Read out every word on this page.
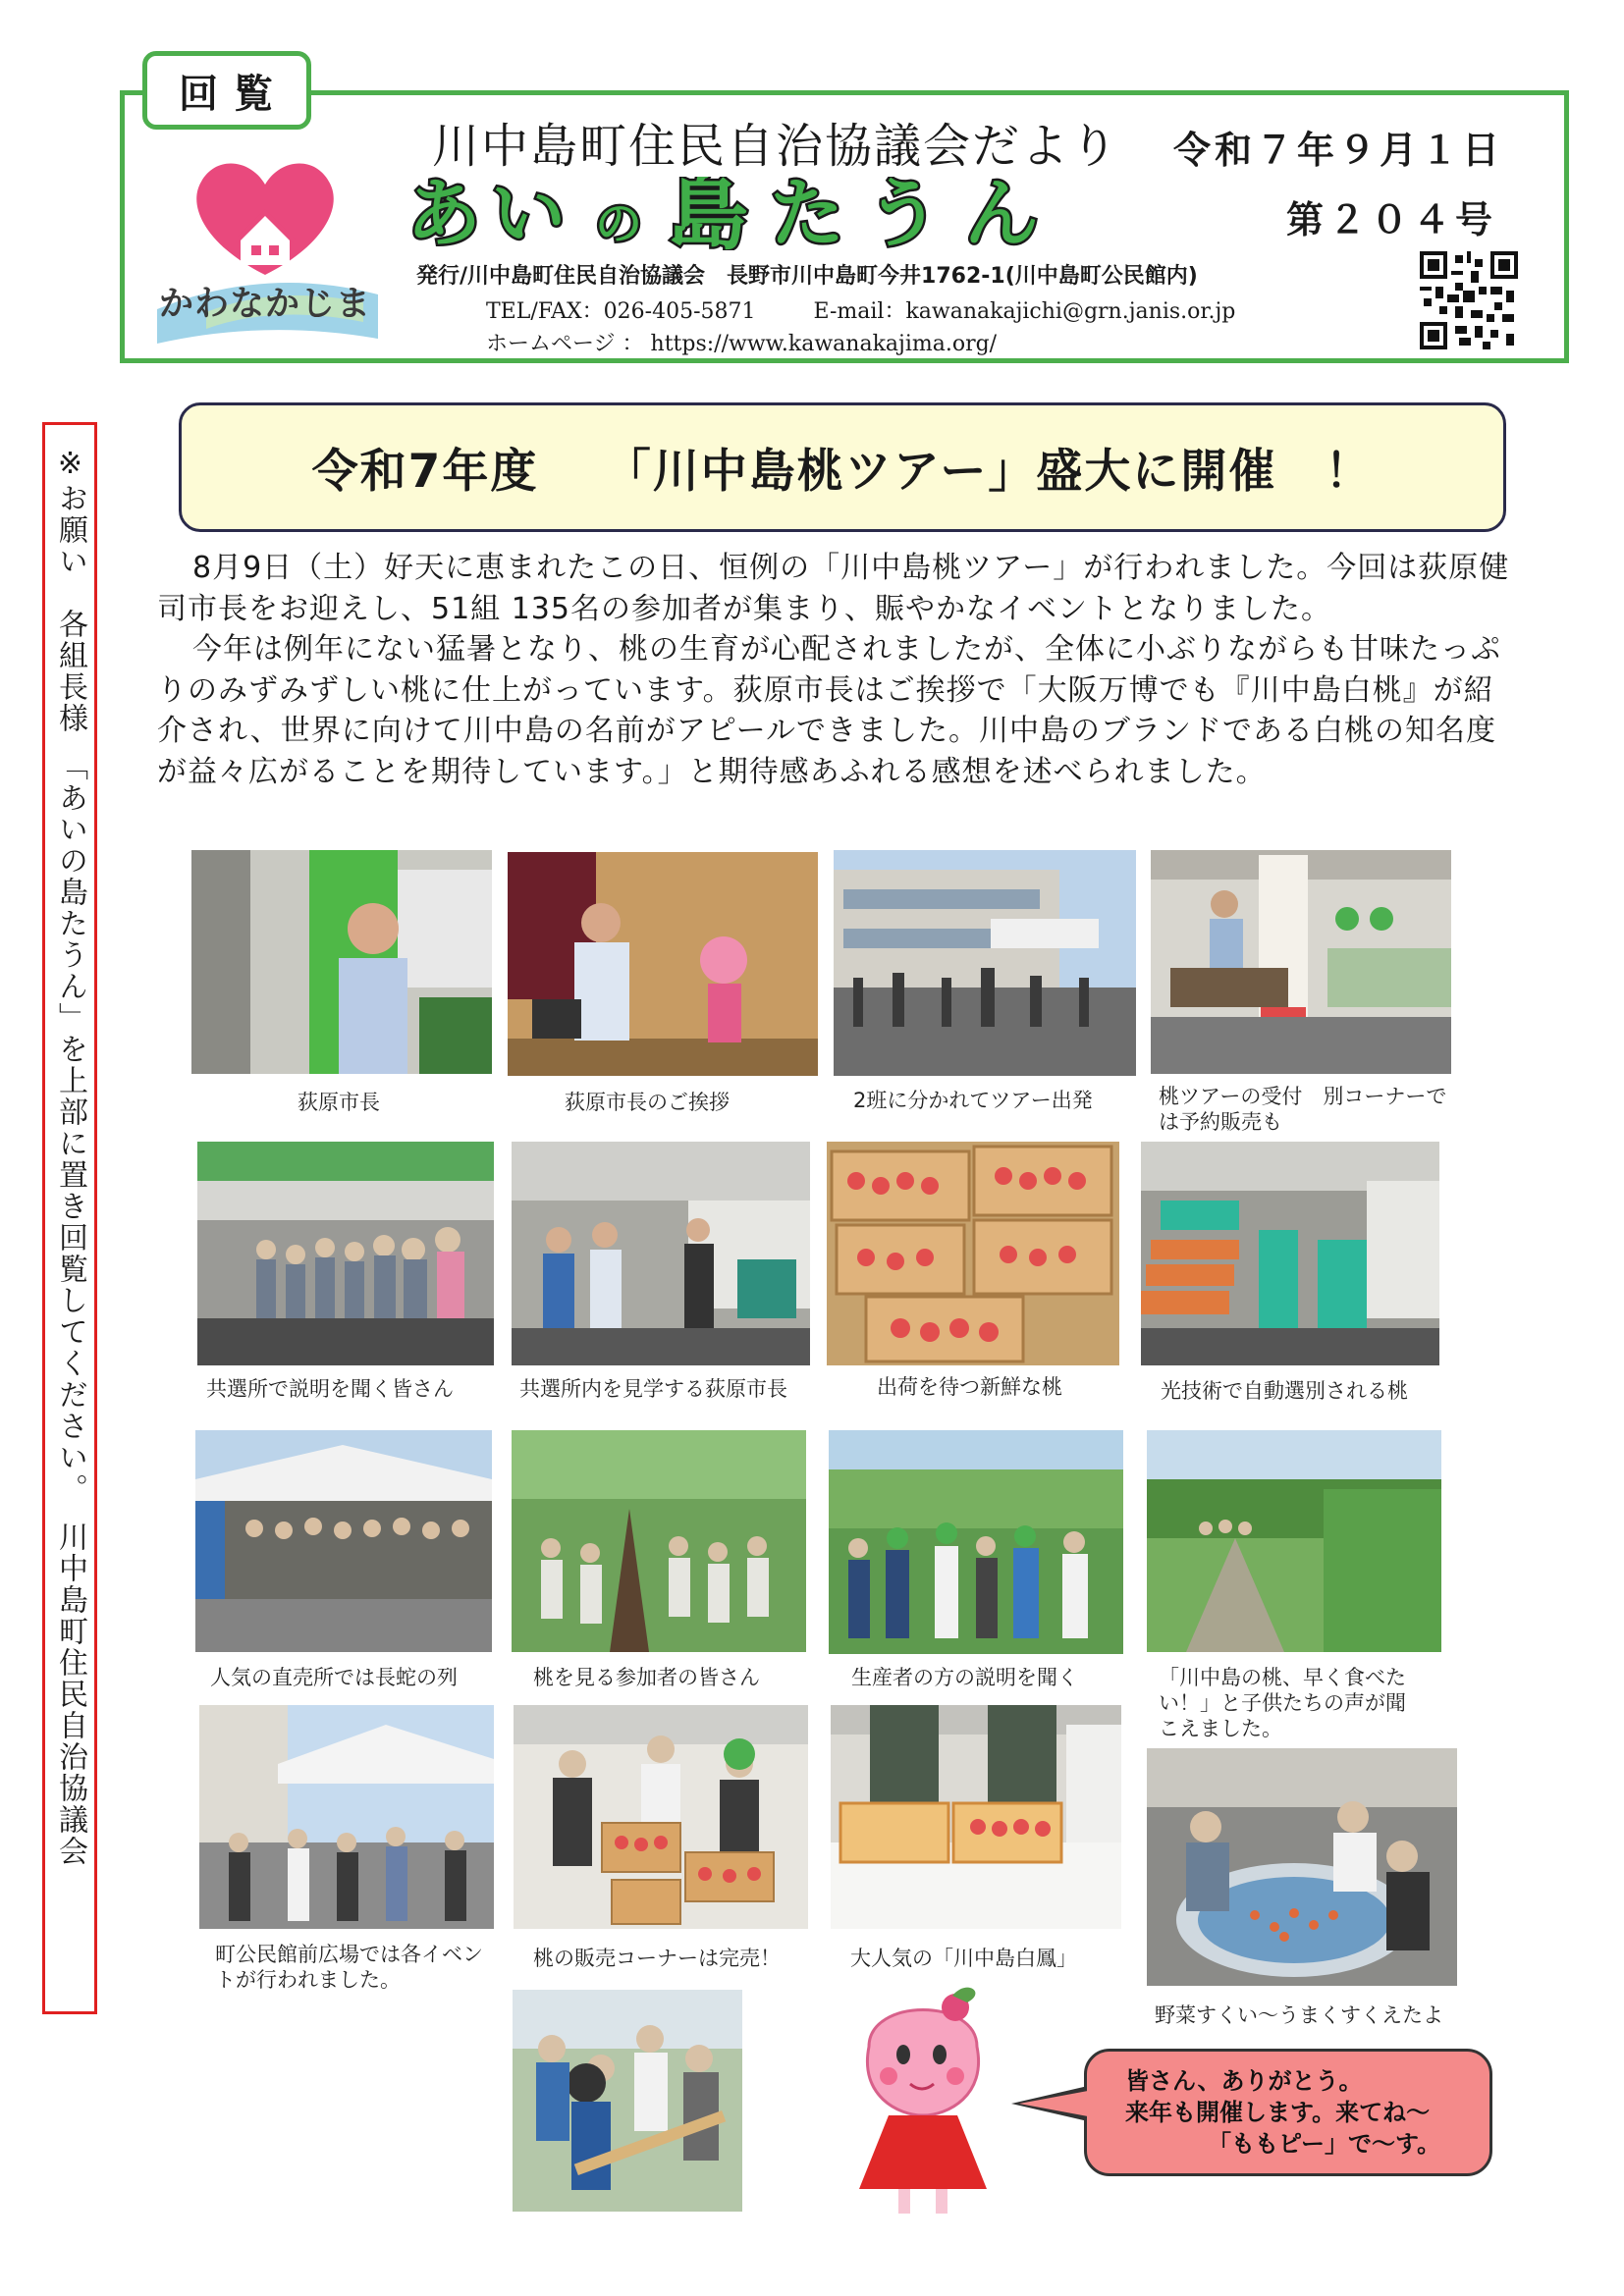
回覧
かわなかじま
川中島町住民自治協議会だより 令和７年９月１日
第２０４号
あ い の 島 た う ん
発行/川中島町住民自治協議会　長野市川中島町今井1762-1(川中島町公民館内)
TEL/FAX：026-405-5871	E-mail：kawanakajichi@grn.janis.or.jp
ホームページ ： https://www.kawanakajima.org/
※お願い　各組長様　「あいの島たうん」を上部に置き回覧してください。　川中島町住民自治協議会	令和7年度　 「川中島桃ツアー」盛大に開催　！

8月9日（土）好天に恵まれたこの日、恒例の「川中島桃ツアー」が行われました。今回は荻原健司市長をお迎えし、51組 135名の参加者が集まり、賑やかなイベントとなりました。

今年は例年にない猛暑となり、桃の生育が心配されましたが、全体に小ぶりながらも甘味たっぷりのみずみずしい桃に仕上がっています。荻原市長はご挨拶で「大阪万博でも『川中島白桃』が紹介され、世界に向けて川中島の名前がアピールできました。川中島のブランドである白桃の知名度が益々広がることを期待しています。」と期待感あふれる感想を述べられました。

荻原市長	荻原市長のご挨拶	2班に分かれてツアー出発	桃ツアーの受付　別コーナーでは予約販売も
共選所で説明を聞く皆さん	共選所内を見学する荻原市長	出荷を待つ新鮮な桃	光技術で自動選別される桃
人気の直売所では長蛇の列	桃を見る参加者の皆さん	生産者の方の説明を聞く	「川中島の桃、早く食べたい！」と子供たちの声が聞こえました。
町公民館前広場では各イベントが行われました。
桃の販売コーナーは完売！	大人気の「川中島白鳳」
野菜すくい～うまくすくえたよ
皆さん、ありがとう。
来年も開催します。来てね～
「ももピー」で～す。
